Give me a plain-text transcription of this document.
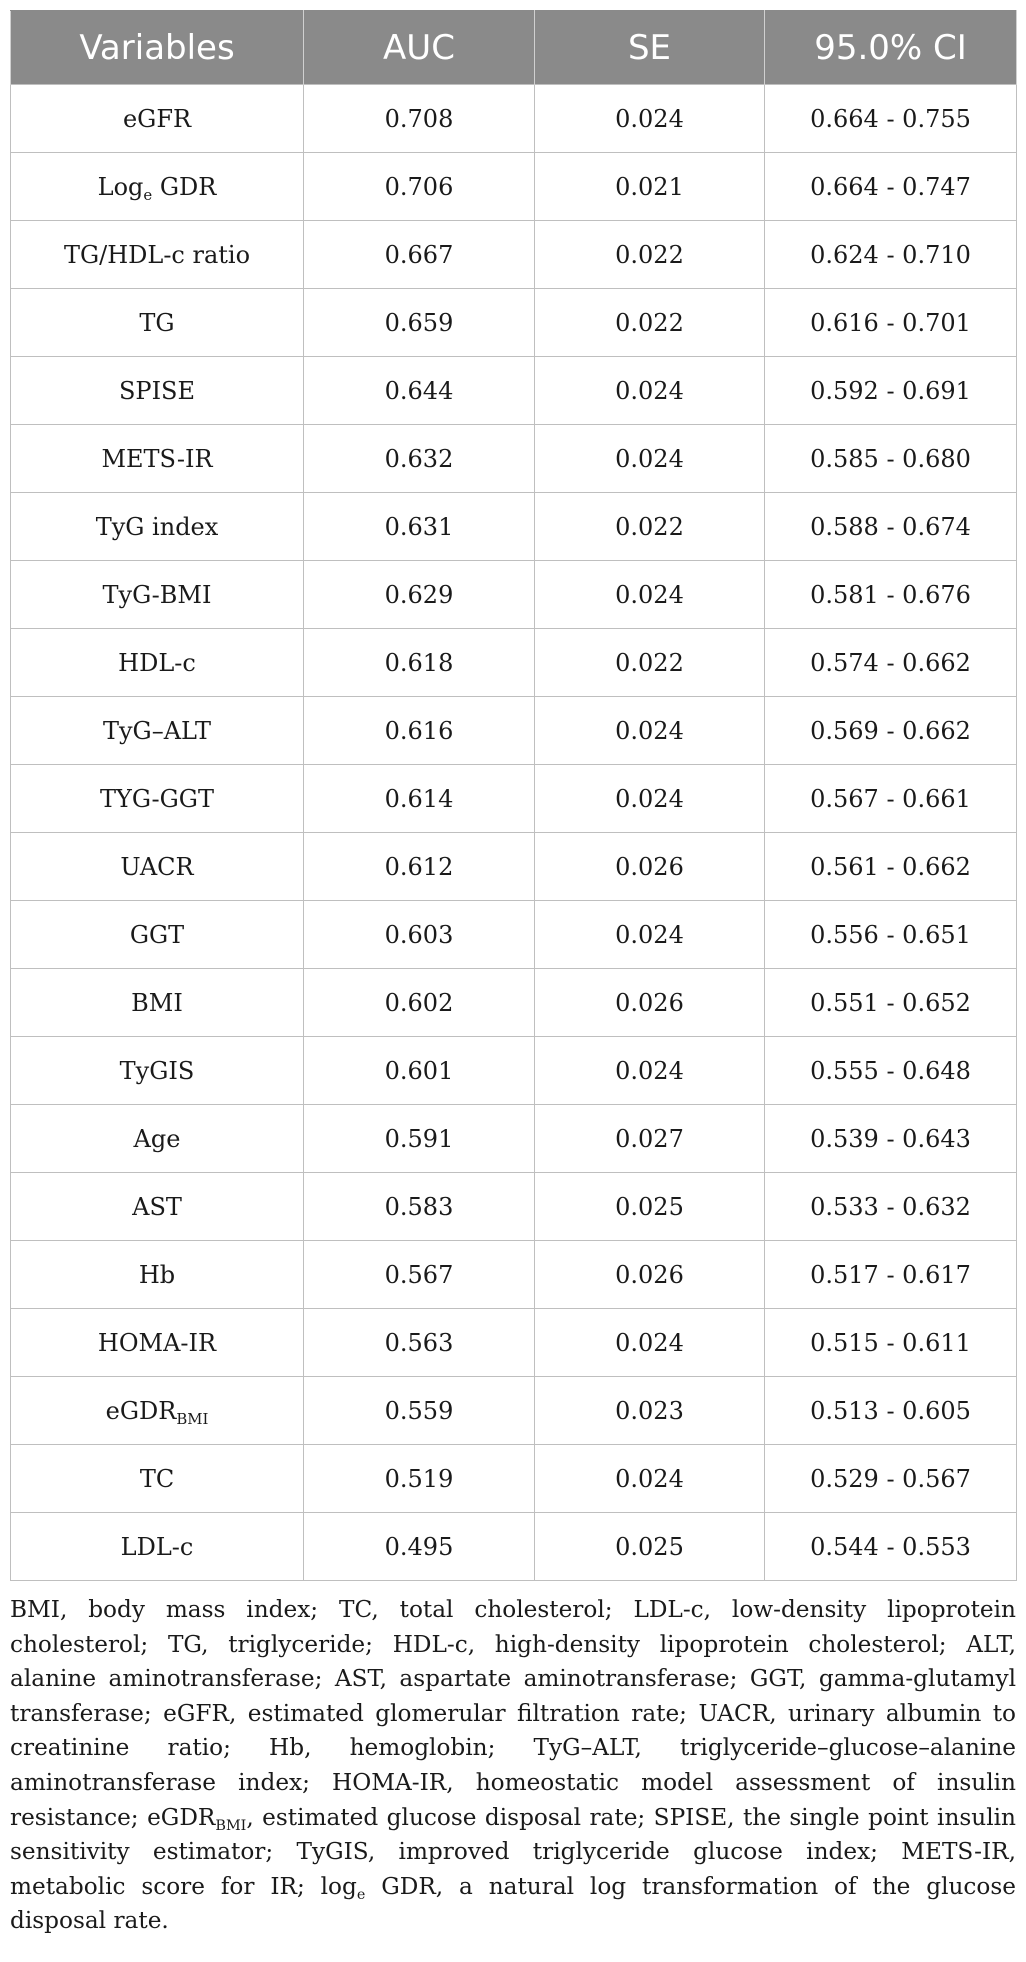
Variables	AUC	SE	95.0% CI
eGFR	0.708	0.024	0.664 - 0.755
Log$_e$ GDR	0.706	0.021	0.664 - 0.747
TG/HDL-c ratio	0.667	0.022	0.624 - 0.710
TG	0.659	0.022	0.616 - 0.701
SPISE	0.644	0.024	0.592 - 0.691
METS-IR	0.632	0.024	0.585 - 0.680
TyG index	0.631	0.022	0.588 - 0.674
TyG-BMI	0.629	0.024	0.581 - 0.676
HDL-c	0.618	0.022	0.574 - 0.662
TyG–ALT	0.616	0.024	0.569 - 0.662
TYG-GGT	0.614	0.024	0.567 - 0.661
UACR	0.612	0.026	0.561 - 0.662
GGT	0.603	0.024	0.556 - 0.651
BMI	0.602	0.026	0.551 - 0.652
TyGIS	0.601	0.024	0.555 - 0.648
Age	0.591	0.027	0.539 - 0.643
AST	0.583	0.025	0.533 - 0.632
Hb	0.567	0.026	0.517 - 0.617
HOMA-IR	0.563	0.024	0.515 - 0.611
eGDR$_{BMI}$	0.559	0.023	0.513 - 0.605
TC	0.519	0.024	0.529 - 0.567
LDL-c	0.495	0.025	0.544 - 0.553

BMI, body mass index; TC, total cholesterol; LDL-c, low-density lipoprotein cholesterol; TG, triglyceride; HDL-c, high-density lipoprotein cholesterol; ALT, alanine aminotransferase; AST, aspartate aminotransferase; GGT, gamma-glutamyl transferase; eGFR, estimated glomerular filtration rate; UACR, urinary albumin to creatinine ratio; Hb, hemoglobin; TyG–ALT, triglyceride–glucose–alanine aminotransferase index; HOMA-IR, homeostatic model assessment of insulin resistance; eGDR$_{BMI}$, estimated glucose disposal rate; SPISE, the single point insulin sensitivity estimator; TyGIS, improved triglyceride glucose index; METS-IR, metabolic score for IR; $\log_e$ GDR, a natural log transformation of the glucose disposal rate.
